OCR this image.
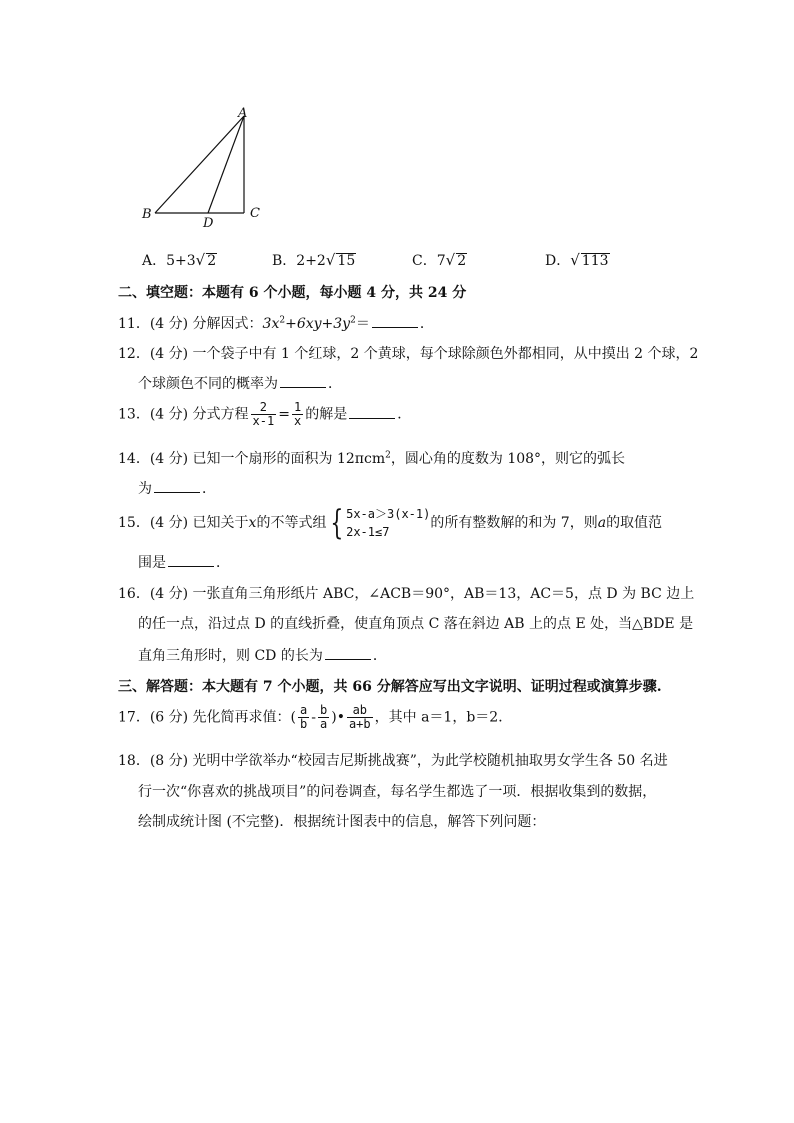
A
B	C
D
A．5+3√ 2	B．2+2√ 15	C．7√ 2	D．√ 113
二、填空题：本题有 6 个小题，每小题 4 分，共 24 分
11．(4 分) 分解因式：$3x^2+6xy+3y^2=$	．
12．(4 分) 一个袋子中有 1 个红球，2 个黄球，每个球除颜色外都相同，从中摸出 2 个球，2
个球颜色不同的概率为	．
13．(4 分) 分式方程 $\frac{2}{x-1} = \frac{1}{x}$ 的解是	．
14．(4 分) 已知一个扇形的面积为 12πcm$^2$，圆心角的度数为 108°，则它的弧长
为	．
15．(4 分) 已知关于x的不等式组 { 5x-a＞3(x-1)
2x-1≤7
的所有整数解的和为 7，则a的取值范
围是	．
16．(4 分) 一张直角三角形纸片 ABC，∠ACB＝90°，AB＝13，AC＝5，点 D 为 BC 边上
的任一点，沿过点 D 的直线折叠，使直角顶点 C 落在斜边 AB 上的点 E 处，当△BDE 是
直角三角形时，则 CD 的长为	．
三、解答题：本大题有 7 个小题，共 66 分解答应写出文字说明、证明过程或演算步骤.
17．(6 分) 先化简再求值：( $\frac{a}{b} - \frac{b}{a}$ )• $\frac{ab}{a+b}$ ，其中 a＝1，b＝2．
18．(8 分) 光明中学欲举办“校园吉尼斯挑战赛”，为此学校随机抽取男女学生各 50 名进
行一次“你喜欢的挑战项目”的问卷调查，每名学生都选了一项．根据收集到的数据，
绘制成统计图 (不完整)．根据统计图表中的信息，解答下列问题：
